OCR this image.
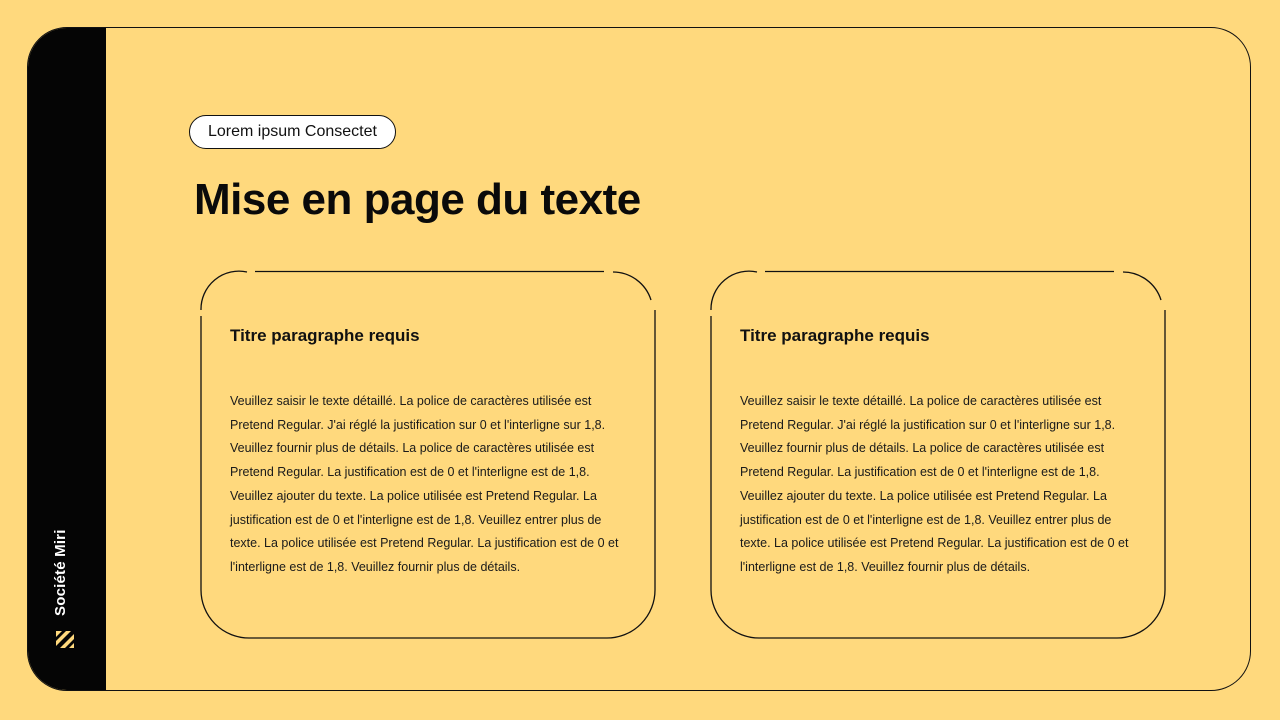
Société Miri
Lorem ipsum Consectet
Mise en page du texte
Titre paragraphe requis

Veuillez saisir le texte détaillé. La police de caractères utilisée est Pretend Regular. J'ai réglé la justification sur 0 et l'interligne sur 1,8. Veuillez fournir plus de détails. La police de caractères utilisée est Pretend Regular. La justification est de 0 et l'interligne est de 1,8. Veuillez ajouter du texte. La police utilisée est Pretend Regular. La justification est de 0 et l'interligne est de 1,8. Veuillez entrer plus de texte. La police utilisée est Pretend Regular. La justification est de 0 et l'interligne est de 1,8. Veuillez fournir plus de détails.

Titre paragraphe requis

Veuillez saisir le texte détaillé. La police de caractères utilisée est Pretend Regular. J'ai réglé la justification sur 0 et l'interligne sur 1,8. Veuillez fournir plus de détails. La police de caractères utilisée est Pretend Regular. La justification est de 0 et l'interligne est de 1,8. Veuillez ajouter du texte. La police utilisée est Pretend Regular. La justification est de 0 et l'interligne est de 1,8. Veuillez entrer plus de texte. La police utilisée est Pretend Regular. La justification est de 0 et l'interligne est de 1,8. Veuillez fournir plus de détails.
